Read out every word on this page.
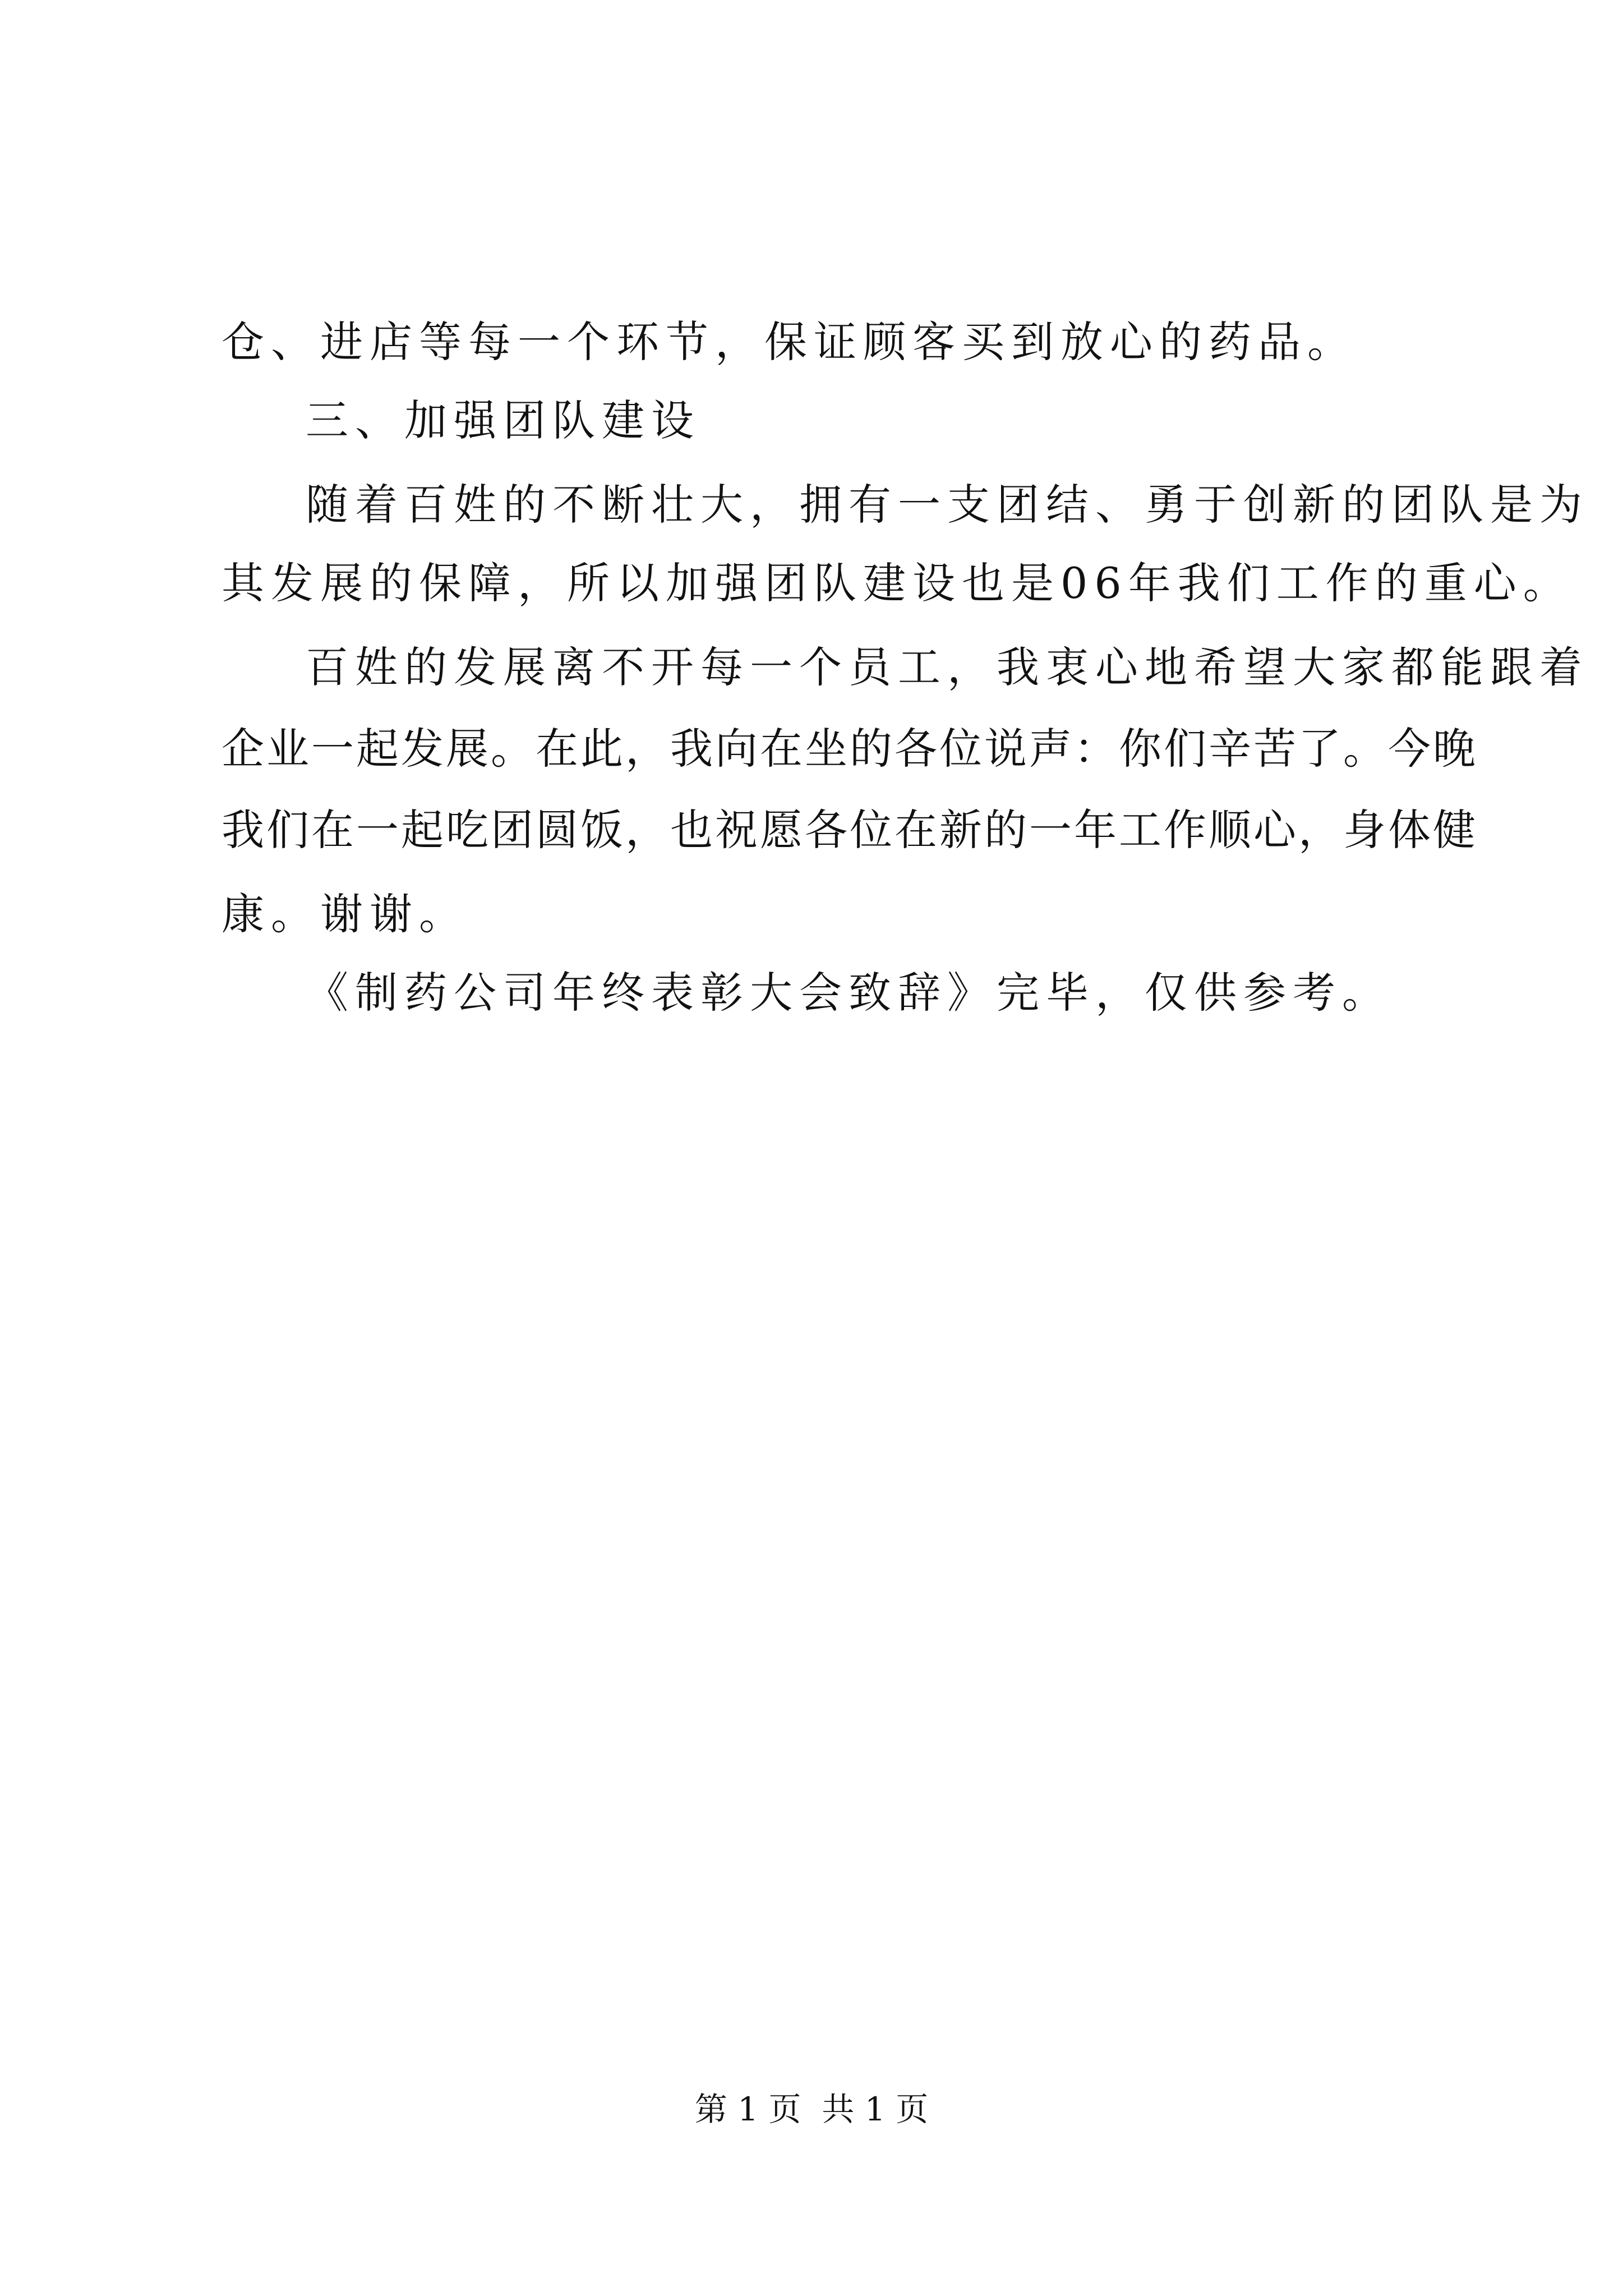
仓、进店等每一个环节，保证顾客买到放心的药品。
三、加强团队建设
随着百姓的不断壮大，拥有一支团结、勇于创新的团队是为
其发展的保障，所以加强团队建设也是06年我们工作的重心。
百姓的发展离不开每一个员工，我衷心地希望大家都能跟着
企业一起发展。在此，我向在坐的各位说声：你们辛苦了。今晚
我们在一起吃团圆饭，也祝愿各位在新的一年工作顺心，身体健
康。谢谢。
《制药公司年终表彰大会致辞》完毕，仅供参考。
第 1 页  共 1 页
